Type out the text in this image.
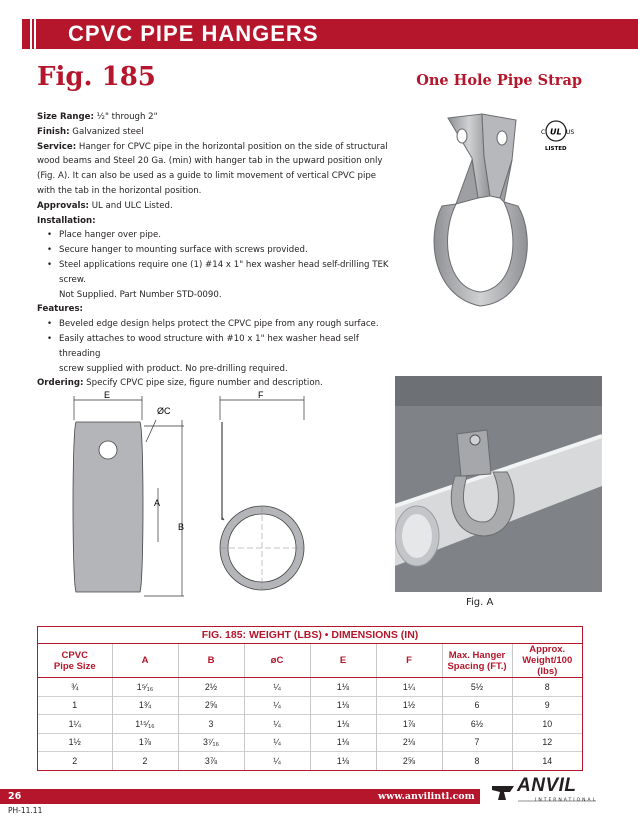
CPVC PIPE HANGERS
Fig. 185	One Hole Pipe Strap
Size Range: ½" through 2"
Finish: Galvanized steel
Service: Hanger for CPVC pipe in the horizontal position on the side of structural wood beams and Steel 20 Ga. (min) with hanger tab in the upward position only (Fig. A). It can also be used as a guide to limit movement of vertical CPVC pipe with the tab in the horizontal position.
Approvals: UL and ULC Listed.
Installation:
• Place hanger over pipe.
• Secure hanger to mounting surface with screws provided.
• Steel applications require one (1) #14 x 1" hex washer head self-drilling TEK screw.
Not Supplied. Part Number STD-0090.
Features:
• Beveled edge design helps protect the CPVC pipe from any rough surface.
• Easily attaches to wood structure with #10 x 1" hex washer head self threading
screw supplied with product. No pre-drilling required.
Ordering: Specify CPVC pipe size, figure number and description.
C UL US
LISTED
E	F
ØC
A
B
Fig. A
FIG. 185: WEIGHT (LBS) • DIMENSIONS (IN)
CPVC
Pipe Size	A	B	øC	E	F	Max. Hanger
Spacing (FT.)	Approx.
Weight/100 (lbs)
¾	1⁵⁄₁₆	2½	¼	1⅛	1¼	5½	8
1	1¾	2⅝	¼	1⅛	1½	6	9
1¼	1¹⁵⁄₁₆	3	¼	1⅛	1⅞	6½	10
1½	1⅞	3⁷⁄₁₆	¼	1⅛	2⅛	7	12
2	2	3⅞	¼	1⅛	2⅝	8	14
26	www.anvilintl.com
PH-11.11
ANVIL
INTERNATIONAL
